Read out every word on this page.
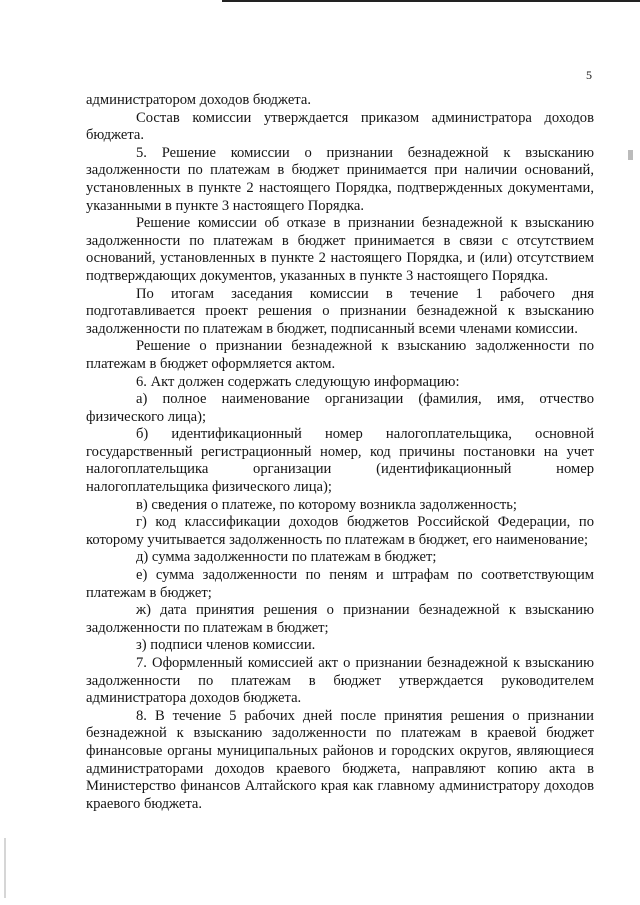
5

администратором доходов бюджета.

Состав комиссии утверждается приказом администратора доходов бюджета.

5. Решение комиссии о признании безнадежной к взысканию задолженности по платежам в бюджет принимается при наличии оснований, установленных в пункте 2 настоящего Порядка, подтвержденных документами, указанными в пункте 3 настоящего Порядка.

Решение комиссии об отказе в признании безнадежной к взысканию задолженности по платежам в бюджет принимается в связи с отсутствием оснований, установленных в пункте 2 настоящего Порядка, и (или) отсутствием подтверждающих документов, указанных в пункте 3 настоящего Порядка.

По итогам заседания комиссии в течение 1 рабочего дня подготавливается проект решения о признании безнадежной к взысканию задолженности по платежам в бюджет, подписанный всеми членами комиссии.

Решение о признании безнадежной к взысканию задолженности по платежам в бюджет оформляется актом.

6. Акт должен содержать следующую информацию:

а) полное наименование организации (фамилия, имя, отчество физического лица);

б) идентификационный номер налогоплательщика, основной государственный регистрационный номер, код причины постановки на учет налогоплательщика организации (идентификационный номер налогоплательщика физического лица);

в) сведения о платеже, по которому возникла задолженность;

г) код классификации доходов бюджетов Российской Федерации, по которому учитывается задолженность по платежам в бюджет, его наименование;

д) сумма задолженности по платежам в бюджет;

е) сумма задолженности по пеням и штрафам по соответствующим платежам в бюджет;

ж) дата принятия решения о признании безнадежной к взысканию задолженности по платежам в бюджет;

з) подписи членов комиссии.

7. Оформленный комиссией акт о признании безнадежной к взысканию задолженности по платежам в бюджет утверждается руководителем администратора доходов бюджета.

8. В течение 5 рабочих дней после принятия решения о признании безнадежной к взысканию задолженности по платежам в краевой бюджет финансовые органы муниципальных районов и городских округов, являющиеся администраторами доходов краевого бюджета, направляют копию акта в Министерство финансов Алтайского края как главному администратору доходов краевого бюджета.
